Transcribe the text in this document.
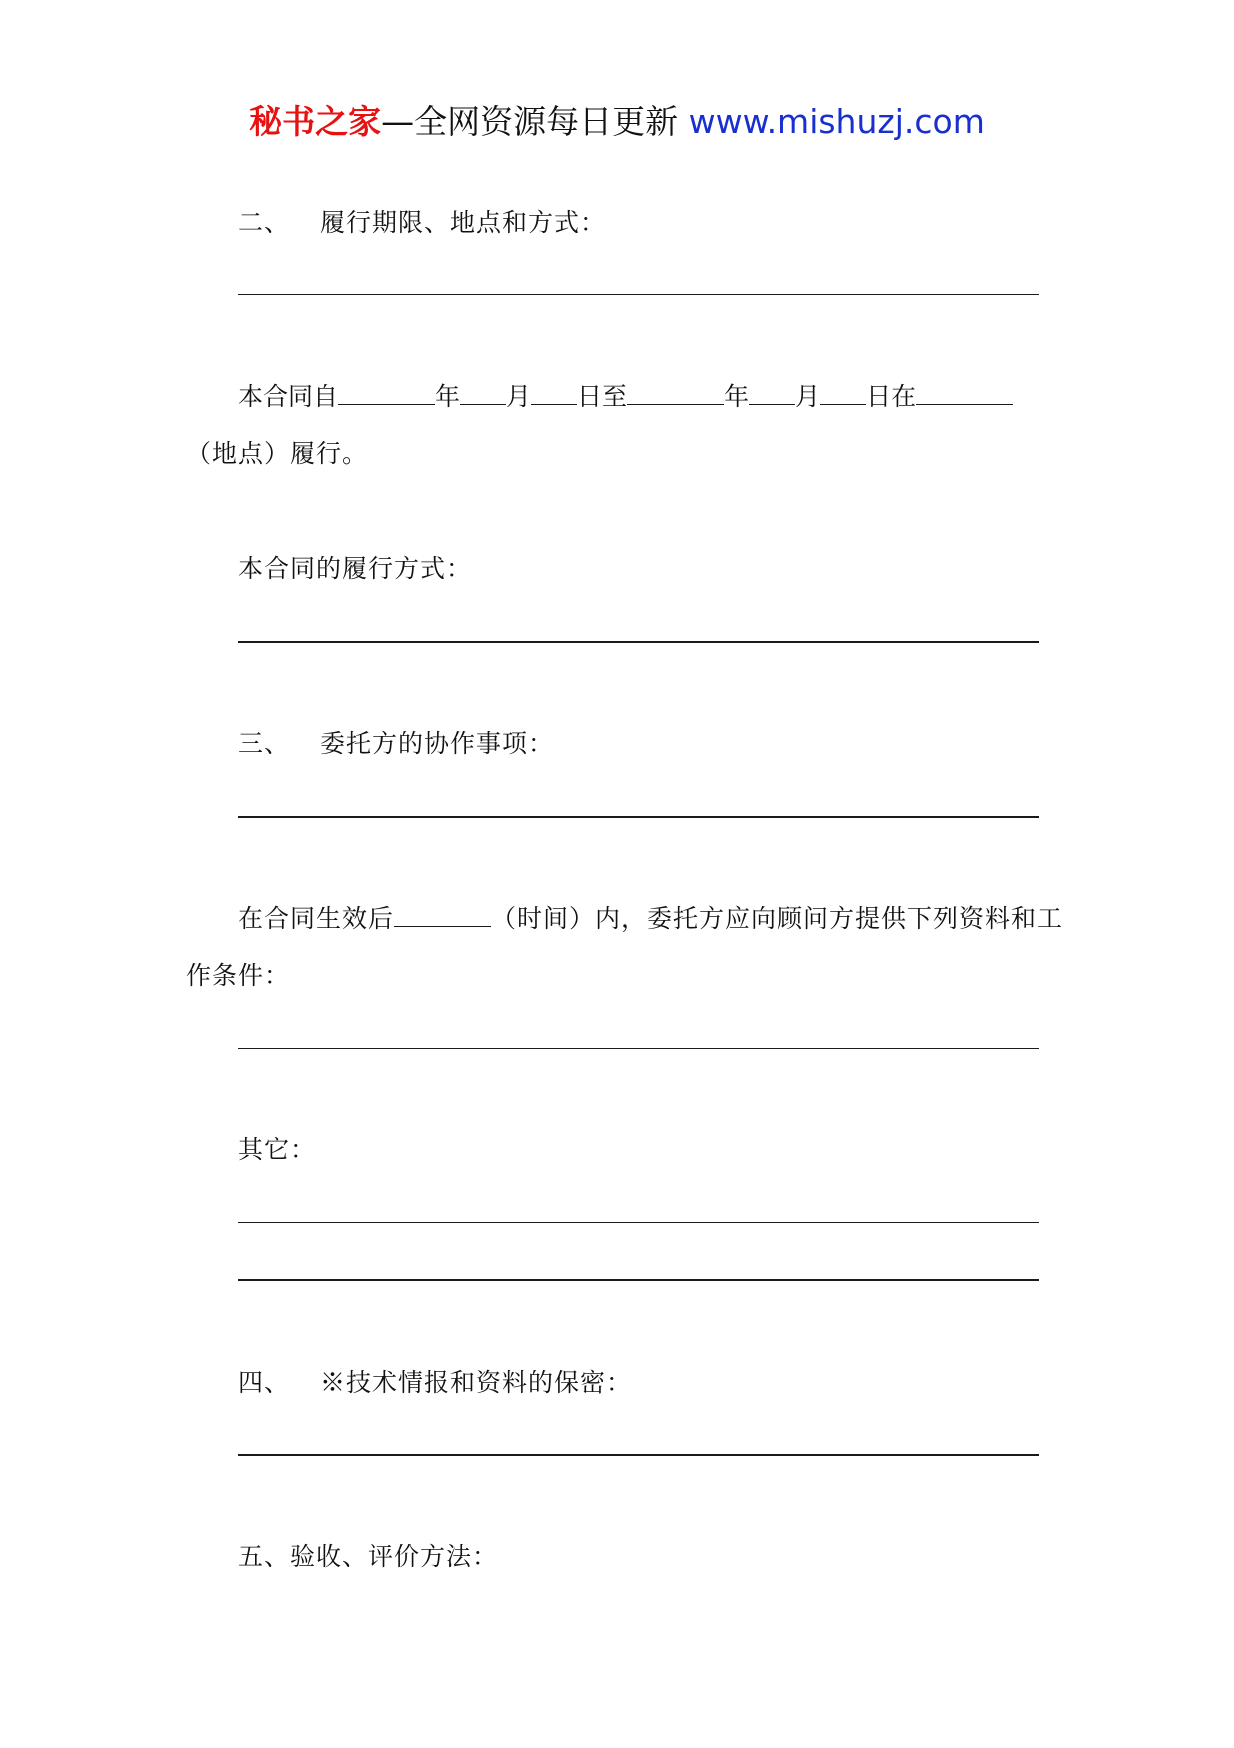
秘书之家—全网资源每日更新 www.mishuzj.com
二、 履行期限、地点和方式：
本合同自	年 月 日至	年 月 日在
（地点）履行。
本合同的履行方式：
三、 委托方的协作事项：
在合同生效后	（时间）内，委托方应向顾问方提供下列资料和工
作条件：
其它：
四、 ※技术情报和资料的保密：
五、验收、评价方法：
